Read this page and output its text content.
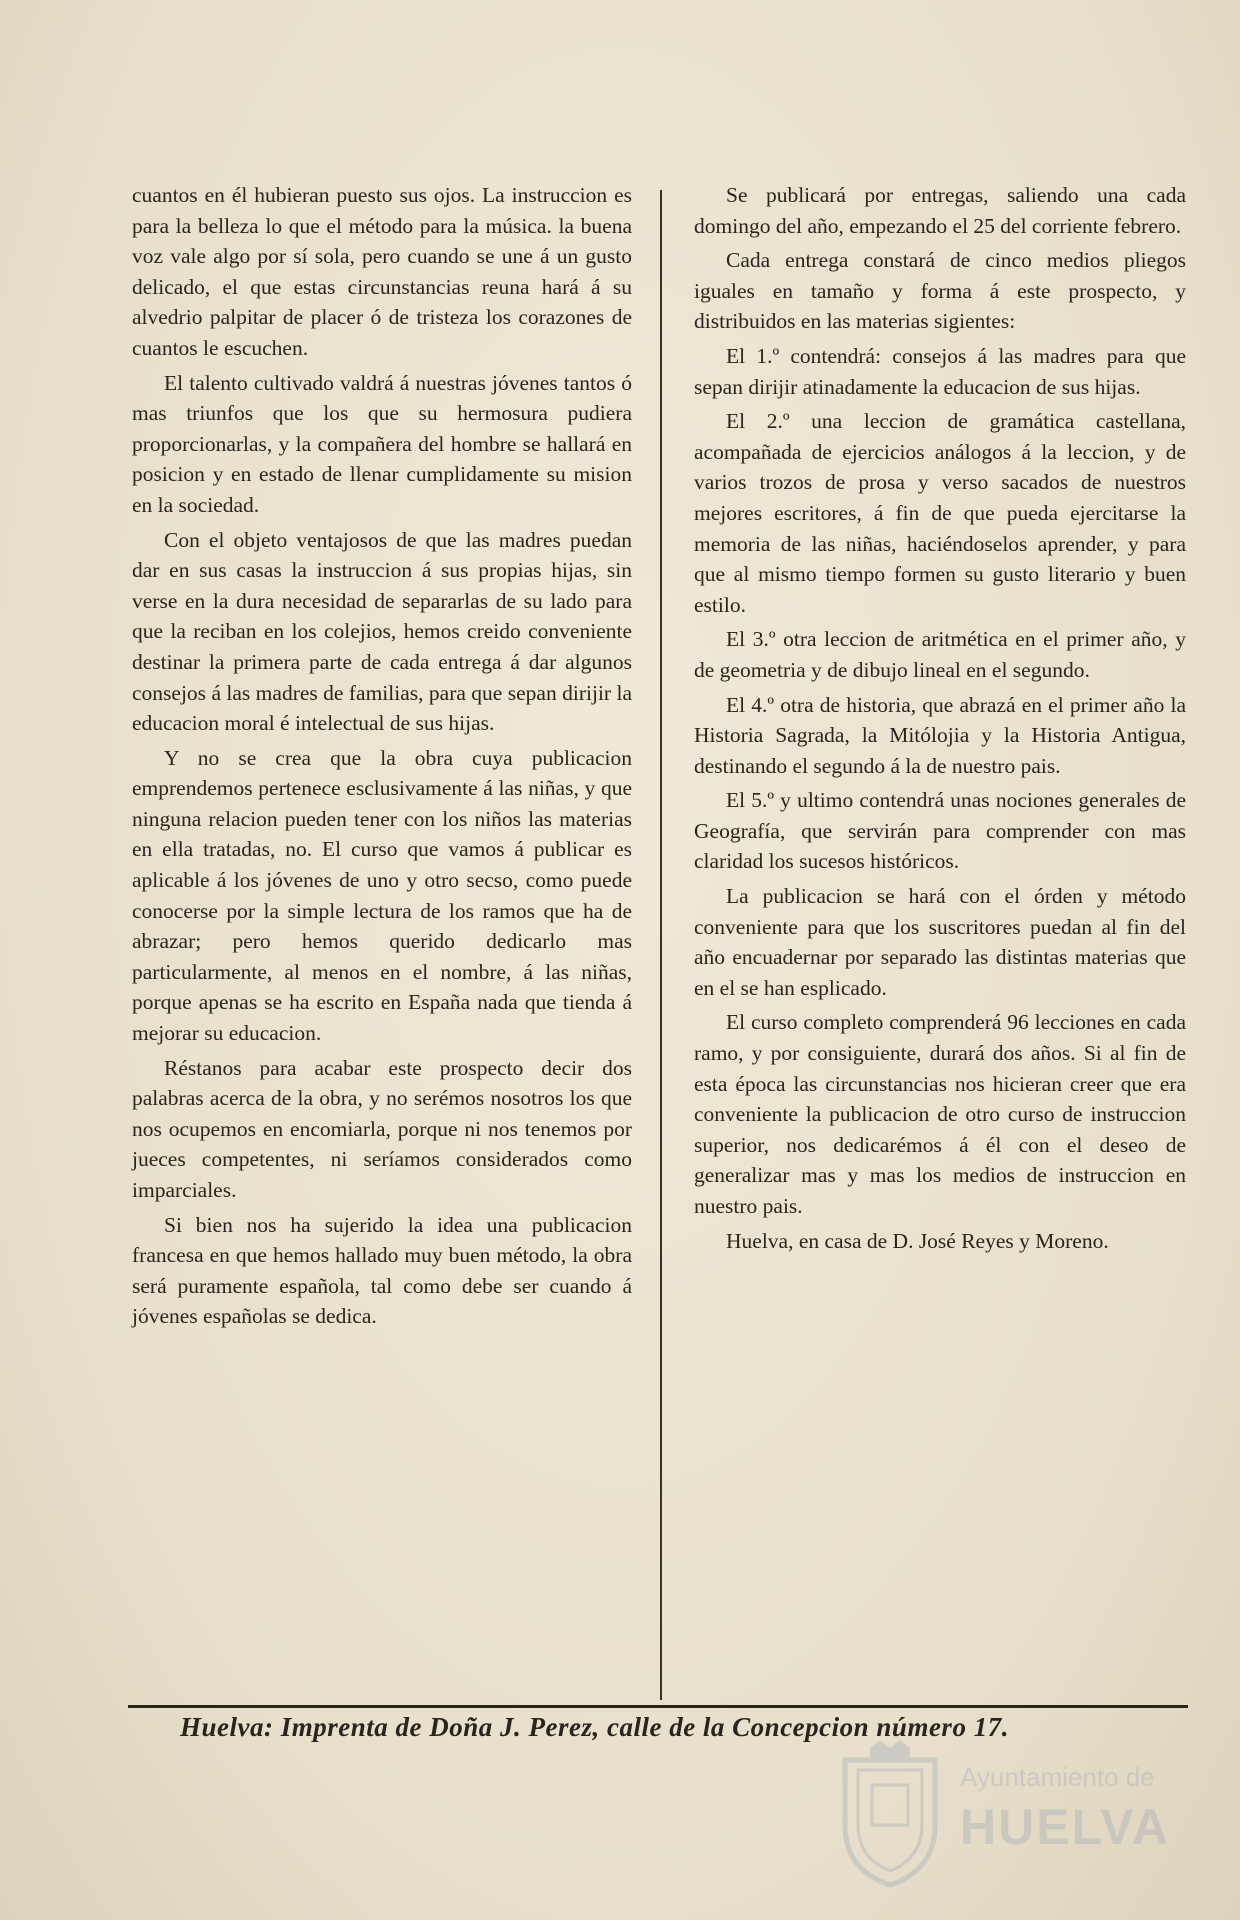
cuantos en él hubieran puesto sus ojos. La instruccion es para la belleza lo que el método para la música. la buena voz vale algo por sí sola, pero cuando se une á un gusto delicado, el que estas circunstancias reuna hará á su alvedrio palpitar de placer ó de tristeza los corazones de cuantos le escuchen.

El talento cultivado valdrá á nuestras jóvenes tantos ó mas triunfos que los que su hermosura pudiera proporcionarlas, y la compañera del hombre se hallará en posicion y en estado de llenar cumplidamente su mision en la sociedad.

Con el objeto ventajosos de que las madres puedan dar en sus casas la instruccion á sus propias hijas, sin verse en la dura necesidad de separarlas de su lado para que la reciban en los colejios, hemos creido conveniente destinar la primera parte de cada entrega á dar algunos consejos á las madres de familias, para que sepan dirijir la educacion moral é intelectual de sus hijas.

Y no se crea que la obra cuya publicacion emprendemos pertenece esclusivamente á las niñas, y que ninguna relacion pueden tener con los niños las materias en ella tratadas, no. El curso que vamos á publicar es aplicable á los jóvenes de uno y otro secso, como puede conocerse por la simple lectura de los ramos que ha de abrazar; pero hemos querido dedicarlo mas particularmente, al menos en el nombre, á las niñas, porque apenas se ha escrito en España nada que tienda á mejorar su educacion.

Réstanos para acabar este prospecto decir dos palabras acerca de la obra, y no serémos nosotros los que nos ocupemos en encomiarla, porque ni nos tenemos por jueces competentes, ni seríamos considerados como imparciales.

Si bien nos ha sujerido la idea una publicacion francesa en que hemos hallado muy buen método, la obra será puramente española, tal como debe ser cuando á jóvenes españolas se dedica.

Se publicará por entregas, saliendo una cada domingo del año, empezando el 25 del corriente febrero.

Cada entrega constará de cinco medios pliegos iguales en tamaño y forma á este prospecto, y distribuidos en las materias sigientes:

El 1.º contendrá: consejos á las madres para que sepan dirijir atinadamente la educacion de sus hijas.

El 2.º una leccion de gramática castellana, acompañada de ejercicios análogos á la leccion, y de varios trozos de prosa y verso sacados de nuestros mejores escritores, á fin de que pueda ejercitarse la memoria de las niñas, haciéndoselos aprender, y para que al mismo tiempo formen su gusto literario y buen estilo.

El 3.º otra leccion de aritmética en el primer año, y de geometria y de dibujo lineal en el segundo.

El 4.º otra de historia, que abrazá en el primer año la Historia Sagrada, la Mitólojia y la Historia Antigua, destinando el segundo á la de nuestro pais.

El 5.º y ultimo contendrá unas nociones generales de Geografía, que servirán para comprender con mas claridad los sucesos históricos.

La publicacion se hará con el órden y método conveniente para que los suscritores puedan al fin del año encuadernar por separado las distintas materias que en el se han esplicado.

El curso completo comprenderá 96 lecciones en cada ramo, y por consiguiente, durará dos años. Si al fin de esta época las circunstancias nos hicieran creer que era conveniente la publicacion de otro curso de instruccion superior, nos dedicarémos á él con el deseo de generalizar mas y mas los medios de instruccion en nuestro pais.

Huelva, en casa de D. José Reyes y Moreno.

Huelva: Imprenta de Doña J. Perez, calle de la Concepcion número 17.
Ayuntamiento de
HUELVA
